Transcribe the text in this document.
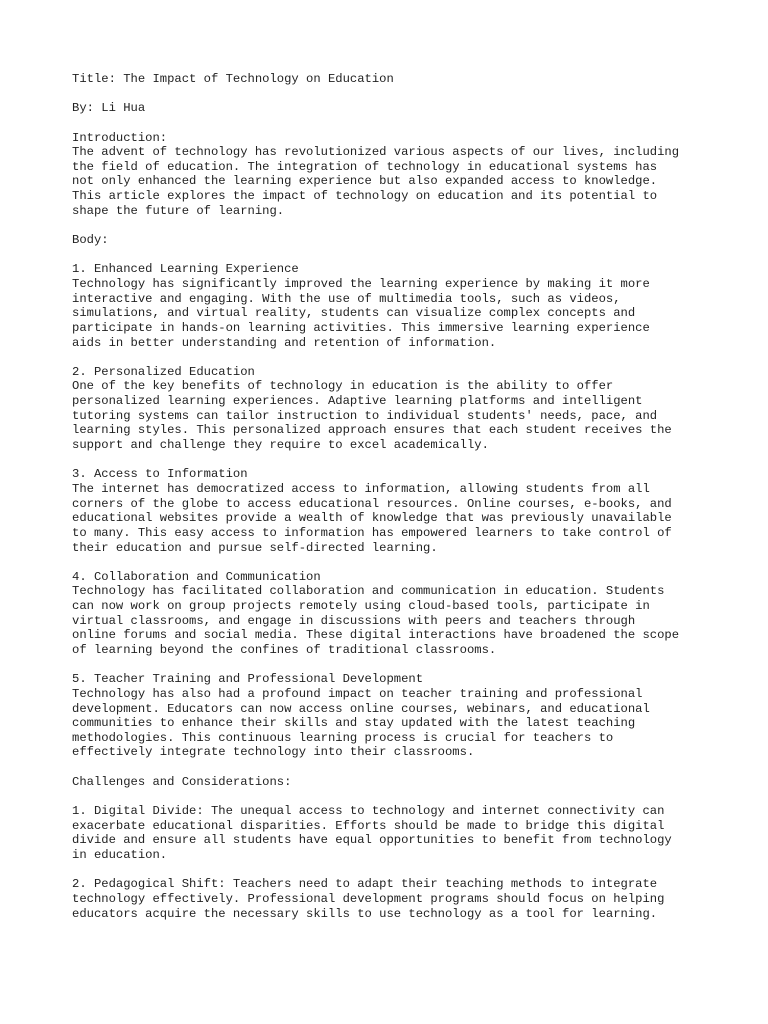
Title: The Impact of Technology on Education
By: Li Hua
Introduction:
The advent of technology has revolutionized various aspects of our lives, including
the field of education. The integration of technology in educational systems has
not only enhanced the learning experience but also expanded access to knowledge.
This article explores the impact of technology on education and its potential to
shape the future of learning.
Body:
1. Enhanced Learning Experience
Technology has significantly improved the learning experience by making it more
interactive and engaging. With the use of multimedia tools, such as videos,
simulations, and virtual reality, students can visualize complex concepts and
participate in hands-on learning activities. This immersive learning experience
aids in better understanding and retention of information.
2. Personalized Education
One of the key benefits of technology in education is the ability to offer
personalized learning experiences. Adaptive learning platforms and intelligent
tutoring systems can tailor instruction to individual students' needs, pace, and
learning styles. This personalized approach ensures that each student receives the
support and challenge they require to excel academically.
3. Access to Information
The internet has democratized access to information, allowing students from all
corners of the globe to access educational resources. Online courses, e-books, and
educational websites provide a wealth of knowledge that was previously unavailable
to many. This easy access to information has empowered learners to take control of
their education and pursue self-directed learning.
4. Collaboration and Communication
Technology has facilitated collaboration and communication in education. Students
can now work on group projects remotely using cloud-based tools, participate in
virtual classrooms, and engage in discussions with peers and teachers through
online forums and social media. These digital interactions have broadened the scope
of learning beyond the confines of traditional classrooms.
5. Teacher Training and Professional Development
Technology has also had a profound impact on teacher training and professional
development. Educators can now access online courses, webinars, and educational
communities to enhance their skills and stay updated with the latest teaching
methodologies. This continuous learning process is crucial for teachers to
effectively integrate technology into their classrooms.
Challenges and Considerations:
1. Digital Divide: The unequal access to technology and internet connectivity can
exacerbate educational disparities. Efforts should be made to bridge this digital
divide and ensure all students have equal opportunities to benefit from technology
in education.
2. Pedagogical Shift: Teachers need to adapt their teaching methods to integrate
technology effectively. Professional development programs should focus on helping
educators acquire the necessary skills to use technology as a tool for learning.
